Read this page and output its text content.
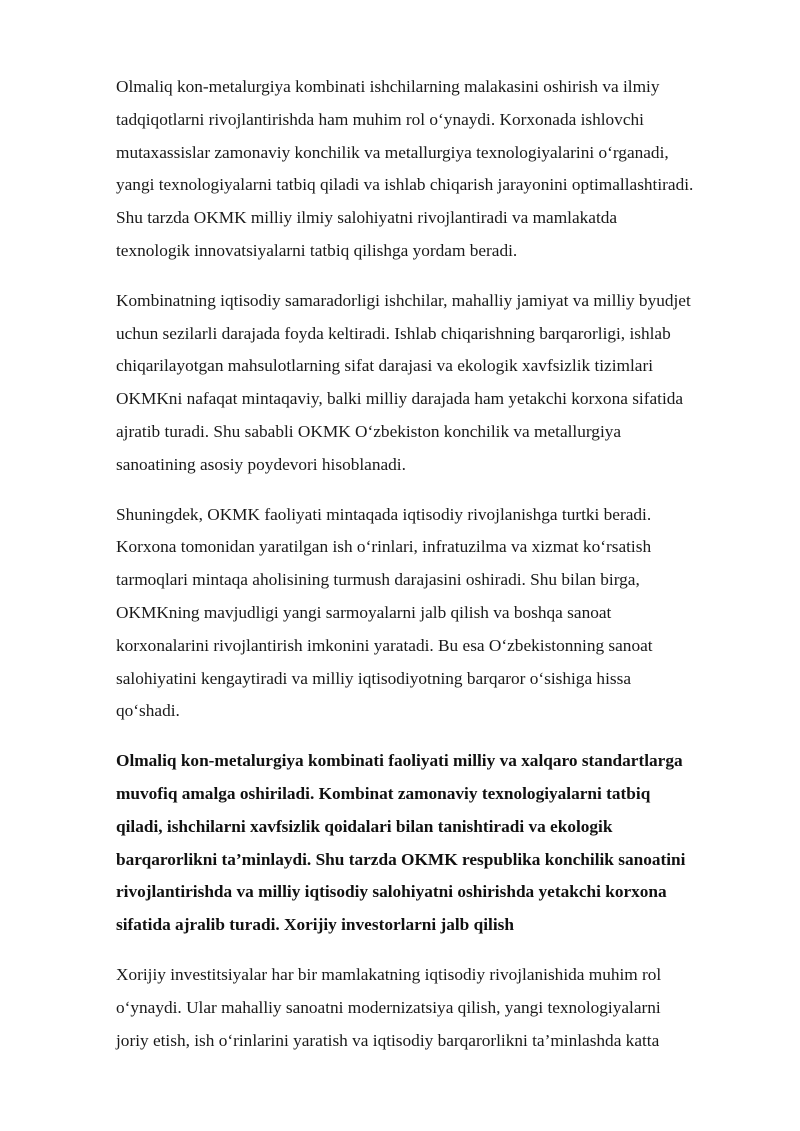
Olmaliq kon-metalurgiya kombinati ishchilarning malakasini oshirish va ilmiy
tadqiqotlarni rivojlantirishda ham muhim rol o‘ynaydi. Korxonada ishlovchi
mutaxassislar zamonaviy konchilik va metallurgiya texnologiyalarini o‘rganadi,
yangi texnologiyalarni tatbiq qiladi va ishlab chiqarish jarayonini optimallashtiradi.
Shu tarzda OKMK milliy ilmiy salohiyatni rivojlantiradi va mamlakatda
texnologik innovatsiyalarni tatbiq qilishga yordam beradi.

Kombinatning iqtisodiy samaradorligi ishchilar, mahalliy jamiyat va milliy byudjet
uchun sezilarli darajada foyda keltiradi. Ishlab chiqarishning barqarorligi, ishlab
chiqarilayotgan mahsulotlarning sifat darajasi va ekologik xavfsizlik tizimlari
OKMKni nafaqat mintaqaviy, balki milliy darajada ham yetakchi korxona sifatida
ajratib turadi. Shu sababli OKMK O‘zbekiston konchilik va metallurgiya
sanoatining asosiy poydevori hisoblanadi.

Shuningdek, OKMK faoliyati mintaqada iqtisodiy rivojlanishga turtki beradi.
Korxona tomonidan yaratilgan ish o‘rinlari, infratuzilma va xizmat ko‘rsatish
tarmoqlari mintaqa aholisining turmush darajasini oshiradi. Shu bilan birga,
OKMKning mavjudligi yangi sarmoyalarni jalb qilish va boshqa sanoat
korxonalarini rivojlantirish imkonini yaratadi. Bu esa O‘zbekistonning sanoat
salohiyatini kengaytiradi va milliy iqtisodiyotning barqaror o‘sishiga hissa
qo‘shadi.

Olmaliq kon-metalurgiya kombinati faoliyati milliy va xalqaro standartlarga
muvofiq amalga oshiriladi. Kombinat zamonaviy texnologiyalarni tatbiq
qiladi, ishchilarni xavfsizlik qoidalari bilan tanishtiradi va ekologik
barqarorlikni ta’minlaydi. Shu tarzda OKMK respublika konchilik sanoatini
rivojlantirishda va milliy iqtisodiy salohiyatni oshirishda yetakchi korxona
sifatida ajralib turadi. Xorijiy investorlarni jalb qilish

Xorijiy investitsiyalar har bir mamlakatning iqtisodiy rivojlanishida muhim rol
o‘ynaydi. Ular mahalliy sanoatni modernizatsiya qilish, yangi texnologiyalarni
joriy etish, ish o‘rinlarini yaratish va iqtisodiy barqarorlikni ta’minlashda katta
